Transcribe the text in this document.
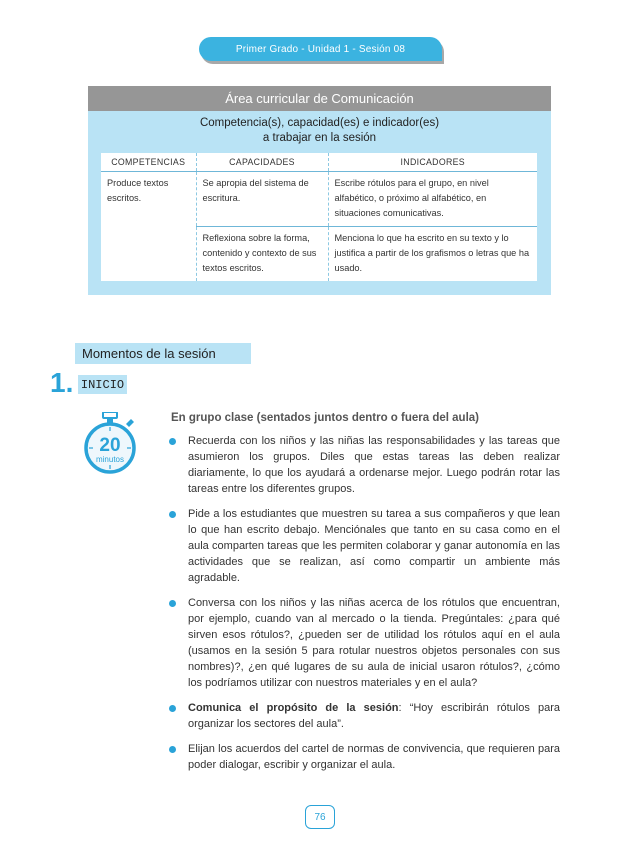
Primer Grado - Unidad 1 - Sesión 08
Área curricular de Comunicación
Competencia(s), capacidad(es) e indicador(es)
a trabajar en la sesión
COMPETENCIAS	CAPACIDADES	INDICADORES
Produce textos escritos.	Se apropia del sistema de escritura.	Escribe rótulos para el grupo, en nivel alfabético, o próximo al alfabético, en situaciones comunicativas.
	Reflexiona sobre la forma, contenido y contexto de sus textos escritos.	Menciona lo que ha escrito en su texto y lo justifica a partir de los grafismos o letras que ha usado.
Momentos de la sesión
1. INICIO
20
minutos
En grupo clase (sentados juntos dentro o fuera del aula)
Recuerda con los niños y las niñas las responsabilidades y las tareas que asumieron los grupos. Diles que estas tareas las deben realizar diariamente, lo que los ayudará a ordenarse mejor. Luego podrán rotar las tareas entre los diferentes grupos.
Pide a los estudiantes que muestren su tarea a sus compañeros y que lean lo que han escrito debajo. Menciónales que tanto en su casa como en el aula comparten tareas que les permiten colaborar y ganar autonomía en las actividades que se realizan, así como compartir un ambiente más agradable.
Conversa con los niños y las niñas acerca de los rótulos que encuentran, por ejemplo, cuando van al mercado o la tienda. Pregúntales: ¿para qué sirven esos rótulos?, ¿pueden ser de utilidad los rótulos aquí en el aula (usamos en la sesión 5 para rotular nuestros objetos personales con sus nombres)?, ¿en qué lugares de su aula de inicial usaron rótulos?, ¿cómo los podríamos utilizar con nuestros materiales y en el aula?
Comunica el propósito de la sesión: “Hoy escribirán rótulos para organizar los sectores del aula”.
Elijan los acuerdos del cartel de normas de convivencia, que requieren para poder dialogar, escribir y organizar el aula.
76
